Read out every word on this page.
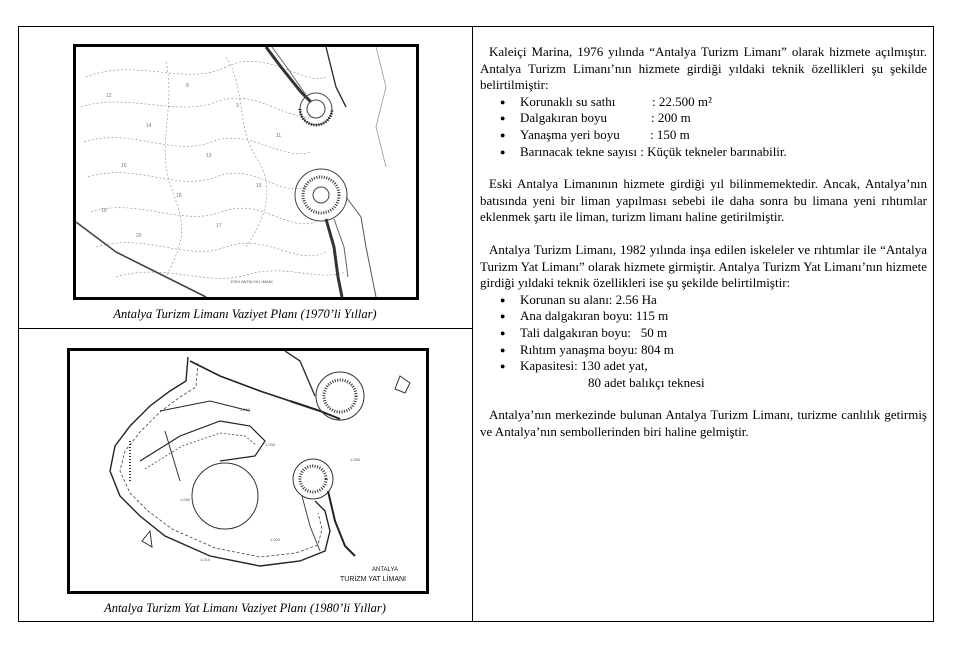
12
14
8
16
18
20
17
15
11
13
19
9
ESKİ ANTALYA LİMANI
Antalya Turizm Limanı Vaziyet Planı (1970’li Yıllar)
1.030
1.060
1.040
1.000
1.010
1.050
ANTALYA
TURİZM YAT LİMANI
Antalya Turizm Yat Limanı Vaziyet Planı (1980’li Yıllar)

Kaleiçi Marina, 1976 yılında “Antalya Turizm Limanı” olarak hizmete açılmıştır. Antalya Turizm Limanı’nın hizmete girdiği yıldaki teknik özellikleri şu şekilde belirtilmiştir:

● Korunaklı su sathı	: 22.500 m²
● Dalgakıran boyu	: 200 m
● Yanaşma yeri boyu : 150 m
● Barınacak tekne sayısı : Küçük tekneler barınabilir.

Eski Antalya Limanının hizmete girdiği yıl bilinmemektedir. Ancak, Antalya’nın batısında yeni bir liman yapılması sebebi ile daha sonra bu limana yeni rıhtımlar eklenmek şartı ile liman, turizm limanı haline getirilmiştir.

Antalya Turizm Limanı, 1982 yılında inşa edilen iskeleler ve rıhtımlar ile “Antalya Turizm Yat Limanı” olarak hizmete girmiştir. Antalya Turizm Yat Limanı’nın hizmete girdiği yıldaki teknik özellikleri ise şu şekilde belirtilmiştir:

● Korunan su alanı: 2.56 Ha
● Ana dalgakıran boyu: 115 m
● Tali dalgakıran boyu:   50 m
● Rıhtım yanaşma boyu: 804 m
● Kapasitesi: 130 adet yat,
80 adet balıkçı teknesi

Antalya’nın merkezinde bulunan Antalya Turizm Limanı, turizme canlılık getirmiş ve Antalya’nın sembollerinden biri haline gelmiştir.
